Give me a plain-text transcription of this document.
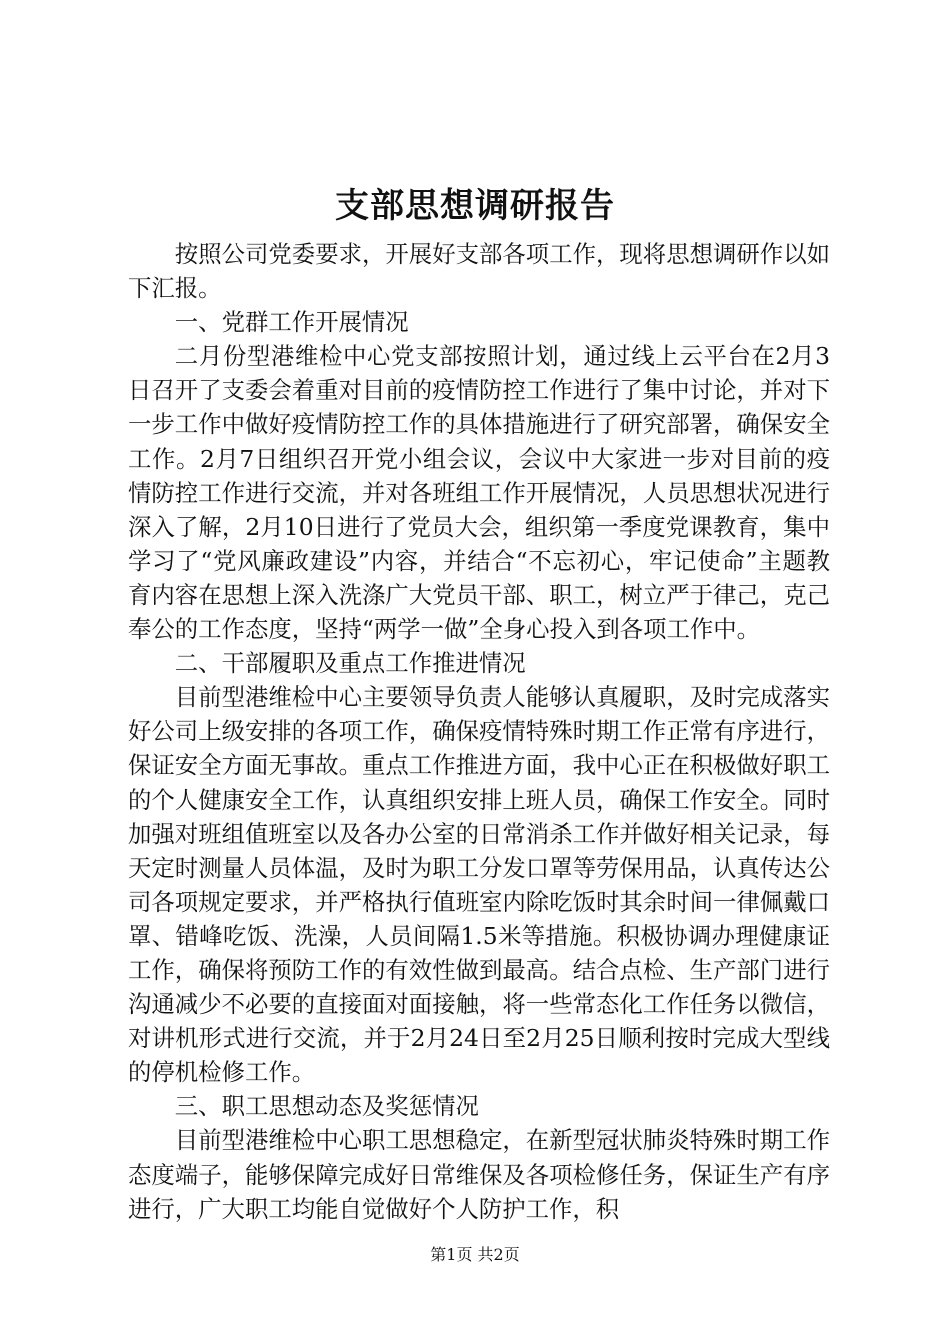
支部思想调研报告

按照公司党委要求，开展好支部各项工作，现将思想调研作以如下汇报。

一、党群工作开展情况

二月份型港维检中心党支部按照计划，通过线上云平台在2月3日召开了支委会着重对目前的疫情防控工作进行了集中讨论，并对下一步工作中做好疫情防控工作的具体措施进行了研究部署，确保安全工作。2月7日组织召开党小组会议，会议中大家进一步对目前的疫情防控工作进行交流，并对各班组工作开展情况，人员思想状况进行深入了解，2月10日进行了党员大会，组织第一季度党课教育，集中学习了“党风廉政建设”内容，并结合“不忘初心，牢记使命”主题教育内容在思想上深入洗涤广大党员干部、职工，树立严于律己，克己奉公的工作态度，坚持“两学一做”全身心投入到各项工作中。

二、干部履职及重点工作推进情况

目前型港维检中心主要领导负责人能够认真履职，及时完成落实好公司上级安排的各项工作，确保疫情特殊时期工作正常有序进行，保证安全方面无事故。重点工作推进方面，我中心正在积极做好职工的个人健康安全工作，认真组织安排上班人员，确保工作安全。同时加强对班组值班室以及各办公室的日常消杀工作并做好相关记录，每天定时测量人员体温，及时为职工分发口罩等劳保用品，认真传达公司各项规定要求，并严格执行值班室内除吃饭时其余时间一律佩戴口罩、错峰吃饭、洗澡，人员间隔1.5米等措施。积极协调办理健康证工作，确保将预防工作的有效性做到最高。结合点检、生产部门进行沟通减少不必要的直接面对面接触，将一些常态化工作任务以微信，对讲机形式进行交流，并于2月24日至2月25日顺利按时完成大型线的停机检修工作。

三、职工思想动态及奖惩情况

目前型港维检中心职工思想稳定，在新型冠状肺炎特殊时期工作态度端子，能够保障完成好日常维保及各项检修任务，保证生产有序进行，广大职工均能自觉做好个人防护工作，积

第1页 共2页
